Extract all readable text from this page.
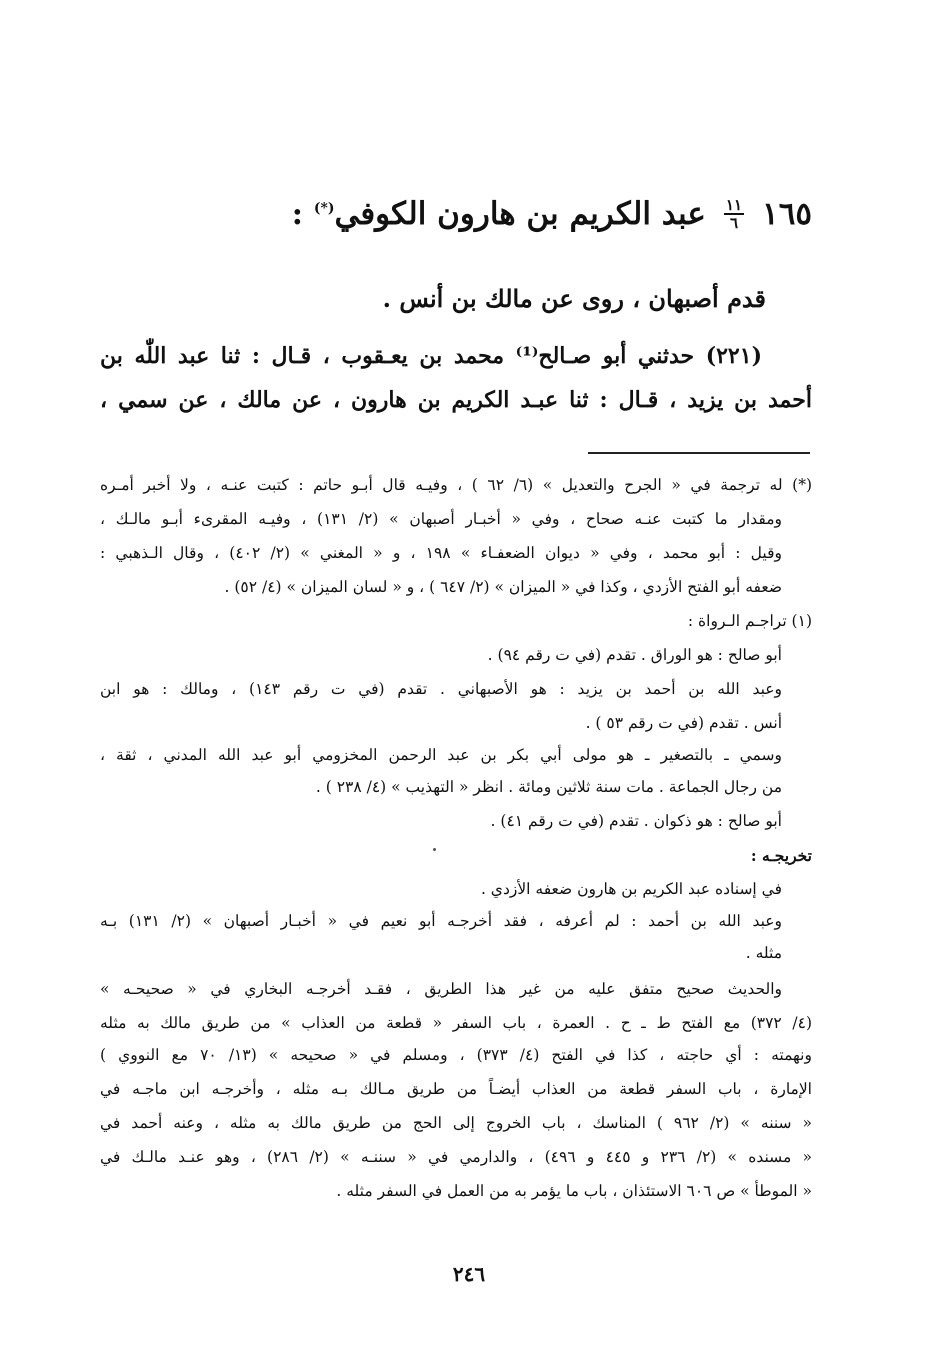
١٦٥
$\frac{١١}{٦}$
عبد الكريم بن هارون الكوفي(*) :
قدم أصبهان ، روى عن مالك بن أنس .
(٢٢١) حدثني أبو صـالح⁽¹⁾ محمد بن يعـقوب ، قـال : ثنا عبد اللّٰه بن
أحمد بن يزيد ، قـال : ثنا عبـد الكريم بن هارون ، عن مالك ، عن سمي ،
(*) له ترجمة في « الجرح والتعديل » (٦/ ٦٢ ) ، وفيـه قال أبـو حاتم : كتبت عنـه ، ولا أخبر أمـره
ومقدار ما كتبت عنـه صحاح ، وفي « أخبـار أصبهان » (٢/ ١٣١) ، وفيـه المقرىء أبـو مالـك ،
وقيل : أبو محمد ، وفي « ديوان الضعفـاء » ١٩٨ ، و « المغني » (٢/ ٤٠٢) ، وقال الـذهبي :
ضعفه أبو الفتح الأزدي ، وكذا في « الميزان » (٢/ ٦٤٧ ) ، و « لسان الميزان » (٤/ ٥٢) .
(١) تراجـم الـرواة :
أبو صالح : هو الوراق . تقدم (في ت رقم ٩٤) .
وعبد الله بن أحمد بن يزيد : هو الأصبهاني . تقدم (في ت رقم ١٤٣) ، ومالك : هو ابن
أنس . تقدم (في ت رقم ٥٣ ) .
وسمي ـ بالتصغير ـ هو مولى أبي بكر بن عبد الرحمن المخزومي أبو عبد الله المدني ، ثقة ،
من رجال الجماعة . مات سنة ثلاثين ومائة . انظر « التهذيب » (٤/ ٢٣٨ ) .
أبو صالح : هو ذكوان . تقدم (في ت رقم ٤١) .
تخريجـه :
في إسناده عبد الكريم بن هارون ضعفه الأزدي .
وعبد الله بن أحمد : لم أعرفه ، فقد أخرجـه أبو نعيم في « أخبـار أصبهان » (٢/ ١٣١) بـه
مثله .
والحديث صحيح متفق عليه من غير هذا الطريق ، فقـد أخرجـه البخاري في « صحيحـه »
(٤/ ٣٧٢) مع الفتح ط ـ ح . العمرة ، باب السفر « قطعة من العذاب » من طريق مالك به مثله
ونهمته : أي حاجته ، كذا في الفتح (٤/ ٣٧٣) ، ومسلم في « صحيحه » (١٣/ ٧٠ مع النووي )
الإمارة ، باب السفر قطعة من العذاب أيضـاً من طريق مـالك بـه مثله ، وأخرجـه ابن ماجـه في
« سننه » (٢/ ٩٦٢ ) المناسك ، باب الخروج إلى الحج من طريق مالك به مثله ، وعنه أحمد في
« مسنده » (٢/ ٢٣٦ و ٤٤٥ و ٤٩٦) ، والدارمي في « سننـه » (٢/ ٢٨٦) ، وهو عنـد مالـك في
« الموطأ » ص ٦٠٦ الاستئذان ، باب ما يؤمر به من العمل في السفر مثله .
٢٤٦
